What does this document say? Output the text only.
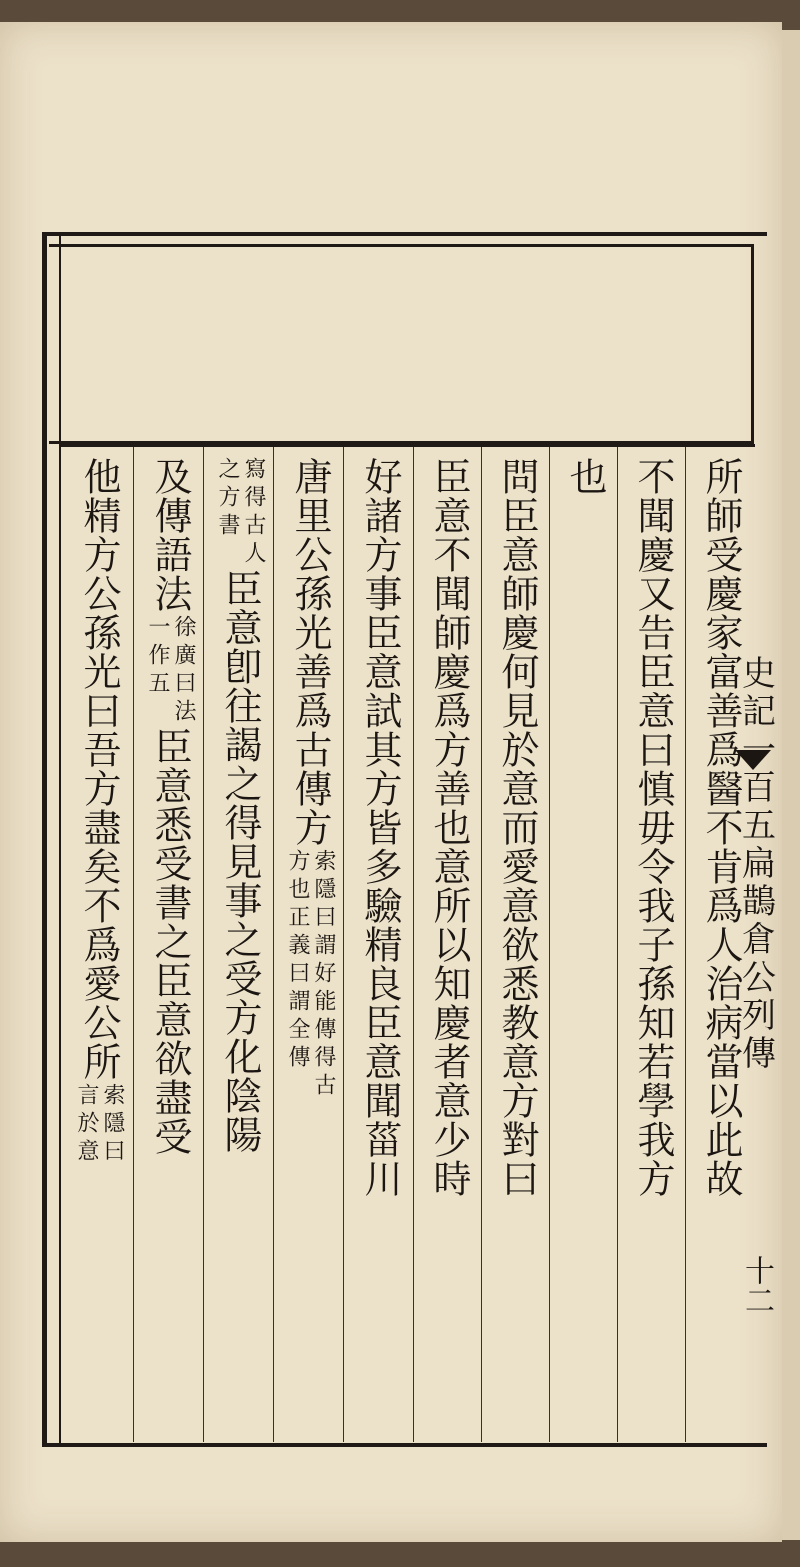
所師受慶家富善爲醫不肯爲人治病當以此故
不聞慶又告臣意曰慎毋令我子孫知若學我方
也
問臣意師慶何見於意而愛意欲悉教意方對曰
臣意不聞師慶爲方善也意所以知慶者意少時
好諸方事臣意試其方皆多驗精良臣意聞菑川
唐里公孫光善爲古傳方
索隱曰謂好能傳得古
方也正義曰謂全傳
寫得古人
之方書
臣意卽往謁之得見事之受方化陰陽
及傳語法
徐廣曰法
一作五
臣意悉受書之臣意欲盡受
他精方公孫光曰吾方盡矣不爲愛公所
索隱曰
言於意
史記一百五扁鵲倉公列傳
十二
